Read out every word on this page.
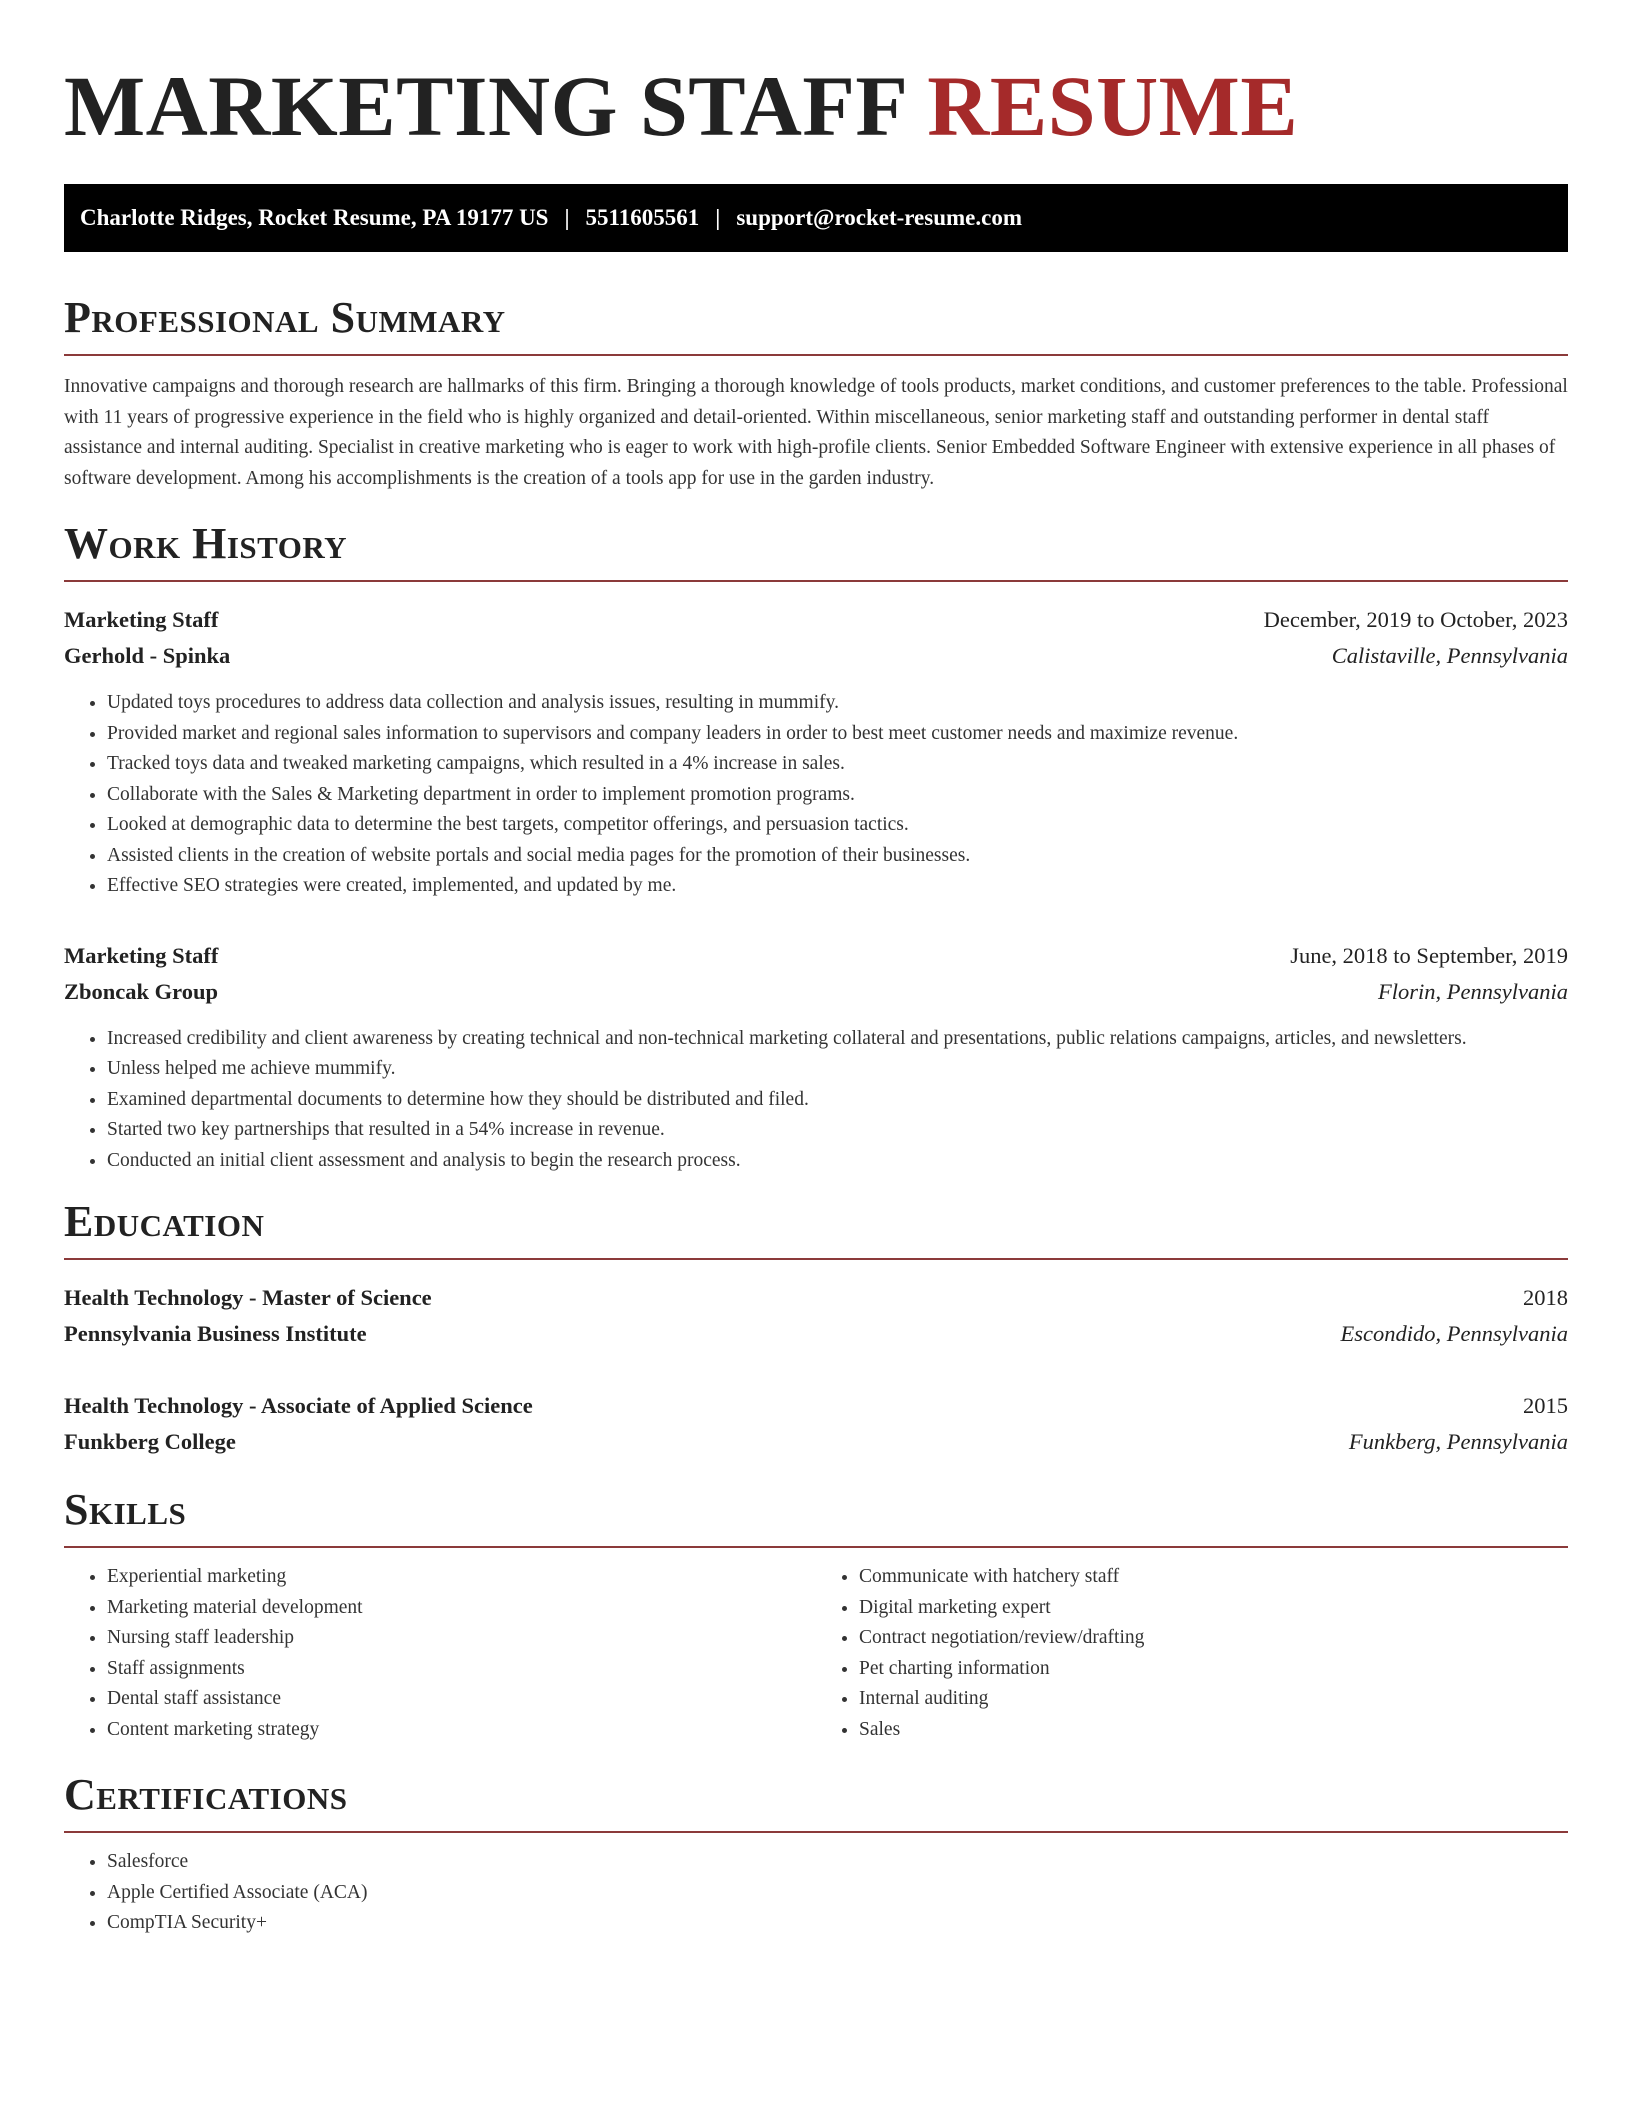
MARKETING STAFF RESUME
Charlotte Ridges, Rocket Resume, PA 19177 US | 5511605561 | support@rocket-resume.com
Professional Summary

Innovative campaigns and thorough research are hallmarks of this firm. Bringing a thorough knowledge of tools products, market conditions, and customer preferences to the table. Professional with 11 years of progressive experience in the field who is highly organized and detail-oriented. Within miscellaneous, senior marketing staff and outstanding performer in dental staff assistance and internal auditing. Specialist in creative marketing who is eager to work with high-profile clients. Senior Embedded Software Engineer with extensive experience in all phases of software development. Among his accomplishments is the creation of a tools app for use in the garden industry.

Work History
Marketing Staff	December, 2019 to October, 2023
Gerhold - Spinka	Calistaville, Pennsylvania
• Updated toys procedures to address data collection and analysis issues, resulting in mummify.
• Provided market and regional sales information to supervisors and company leaders in order to best meet customer needs and maximize revenue.
• Tracked toys data and tweaked marketing campaigns, which resulted in a 4% increase in sales.
• Collaborate with the Sales & Marketing department in order to implement promotion programs.
• Looked at demographic data to determine the best targets, competitor offerings, and persuasion tactics.
• Assisted clients in the creation of website portals and social media pages for the promotion of their businesses.
• Effective SEO strategies were created, implemented, and updated by me.
Marketing Staff	June, 2018 to September, 2019
Zboncak Group	Florin, Pennsylvania
• Increased credibility and client awareness by creating technical and non-technical marketing collateral and presentations, public relations campaigns, articles, and newsletters.
• Unless helped me achieve mummify.
• Examined departmental documents to determine how they should be distributed and filed.
• Started two key partnerships that resulted in a 54% increase in revenue.
• Conducted an initial client assessment and analysis to begin the research process.
Education
Health Technology - Master of Science	2018
Pennsylvania Business Institute	Escondido, Pennsylvania
Health Technology - Associate of Applied Science	2015
Funkberg College	Funkberg, Pennsylvania
Skills
• Experiential marketing
• Marketing material development
• Nursing staff leadership
• Staff assignments
• Dental staff assistance
• Content marketing strategy
• Communicate with hatchery staff
• Digital marketing expert
• Contract negotiation/review/drafting
• Pet charting information
• Internal auditing
• Sales
Certifications
• Salesforce
• Apple Certified Associate (ACA)
• CompTIA Security+
